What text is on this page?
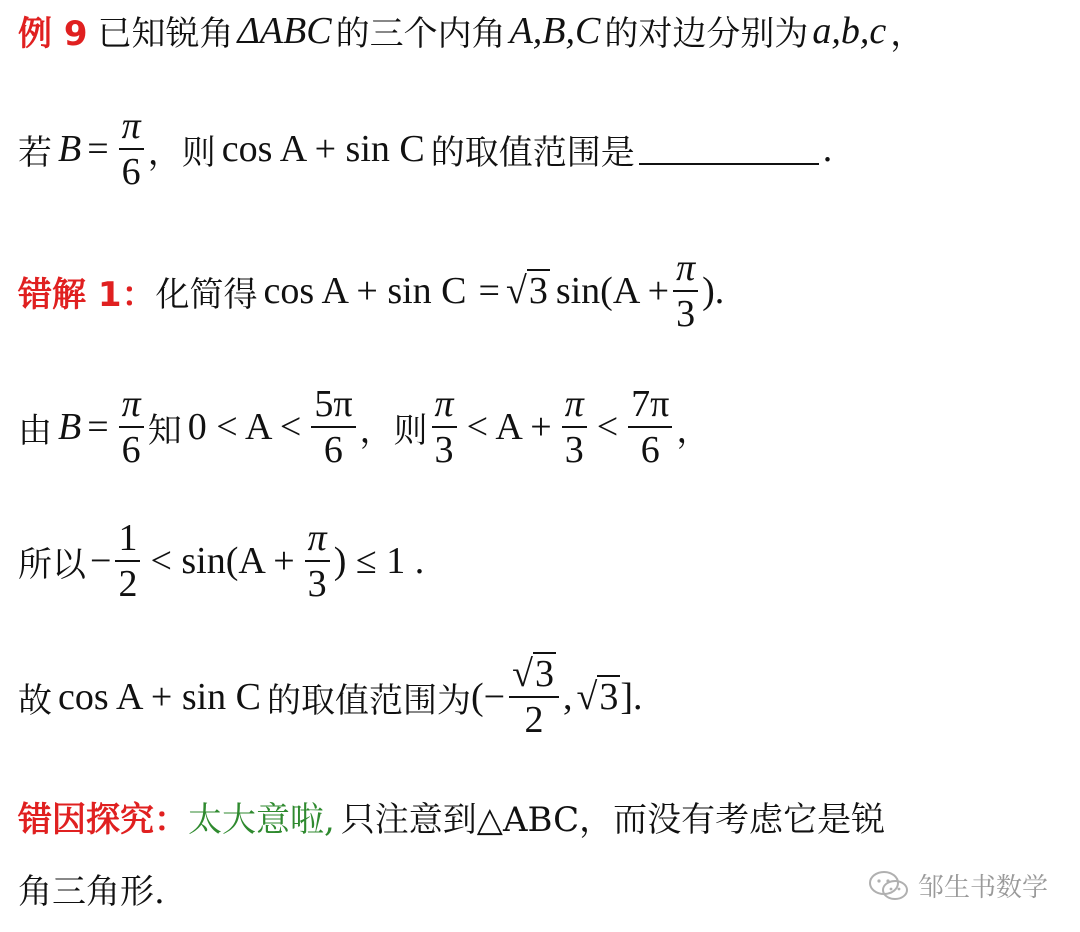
例 9 已知锐角 ΔABC 的三个内角 A,B,C 的对边分别为 a,b,c ，
若 $B = \frac{\pi}{6}$ ，则 cos A + sin C 的取值范围是	.
错解 1： 化简得 cos A + sin C = √ 3 $\sin(A + \frac{\pi}{3}$ ).
由 $B = \frac{\pi}{6}$ 知 $0 < A < \frac{5\pi}{6}$ ，则 $\frac{\pi}{3} < A + \frac{\pi}{3} < \frac{7\pi}{6}$ ，
所以 − $\frac{1}{2} < \sin(A + \frac{\pi}{3}$ ) ≤ 1 .
故 cos A + sin C 的取值范围为 (− $\frac{√ 3}{2}$ , √ 3 ].
错因探究： 太大意啦, 只注意到△ABC，而没有考虑它是锐
角三角形.	邹生书数学
